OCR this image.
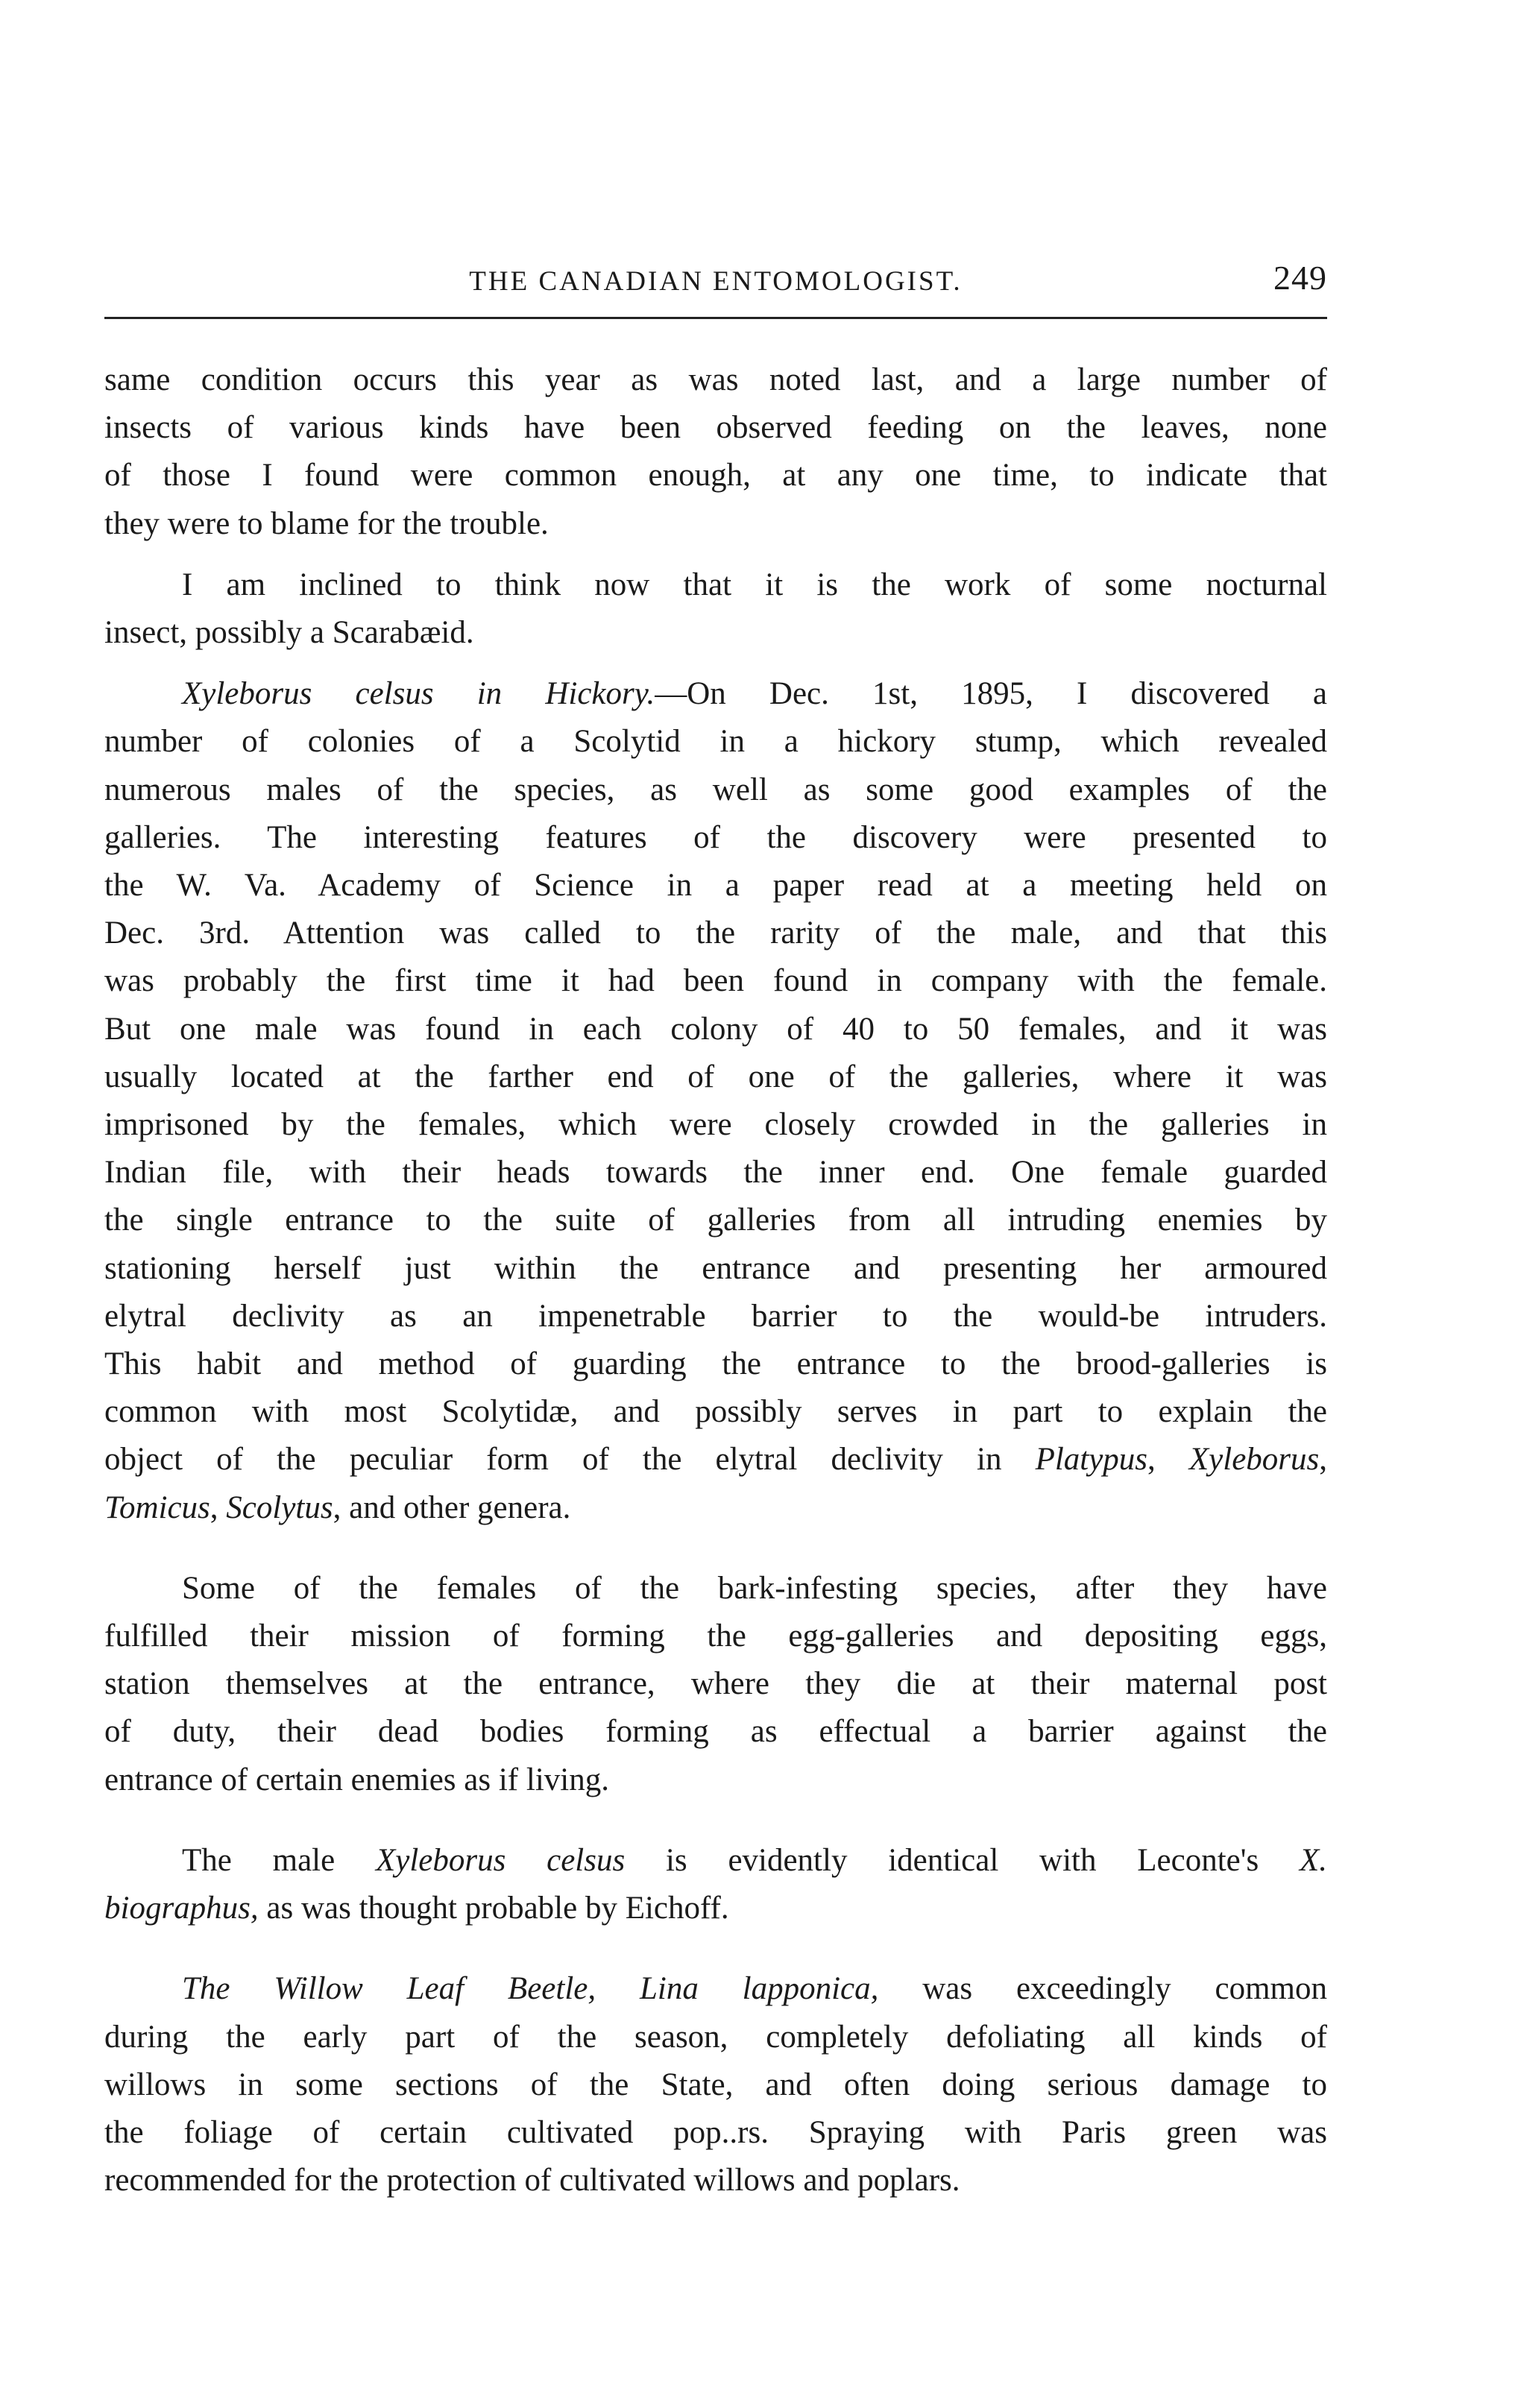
THE CANADIAN ENTOMOLOGIST.	249

same condition occurs this year as was noted last, and a large number of
insects of various kinds have been observed feeding on the leaves, none
of those I found were common enough, at any one time, to indicate that
they were to blame for the trouble.

I am inclined to think now that it is the work of some nocturnal
insect, possibly a Scarabæid.

Xyleborus celsus in Hickory.—On Dec. 1st, 1895, I discovered a
number of colonies of a Scolytid in a hickory stump, which revealed
numerous males of the species, as well as some good examples of the
galleries. The interesting features of the discovery were presented to
the W. Va. Academy of Science in a paper read at a meeting held on
Dec. 3rd. Attention was called to the rarity of the male, and that this
was probably the first time it had been found in company with the female.
But one male was found in each colony of 40 to 50 females, and it was
usually located at the farther end of one of the galleries, where it was
imprisoned by the females, which were closely crowded in the galleries in
Indian file, with their heads towards the inner end. One female guarded
the single entrance to the suite of galleries from all intruding enemies by
stationing herself just within the entrance and presenting her armoured
elytral declivity as an impenetrable barrier to the would-be intruders.
This habit and method of guarding the entrance to the brood-galleries is
common with most Scolytidæ, and possibly serves in part to explain the
object of the peculiar form of the elytral declivity in Platypus, Xyleborus,
Tomicus, Scolytus, and other genera.

Some of the females of the bark-infesting species, after they have
fulfilled their mission of forming the egg-galleries and depositing eggs,
station themselves at the entrance, where they die at their maternal post
of duty, their dead bodies forming as effectual a barrier against the
entrance of certain enemies as if living.

The male Xyleborus celsus is evidently identical with Leconte's X.
biographus, as was thought probable by Eichoff.

The Willow Leaf Beetle, Lina lapponica, was exceedingly common
during the early part of the season, completely defoliating all kinds of
willows in some sections of the State, and often doing serious damage to
the foliage of certain cultivated pop..rs. Spraying with Paris green was
recommended for the protection of cultivated willows and poplars.
